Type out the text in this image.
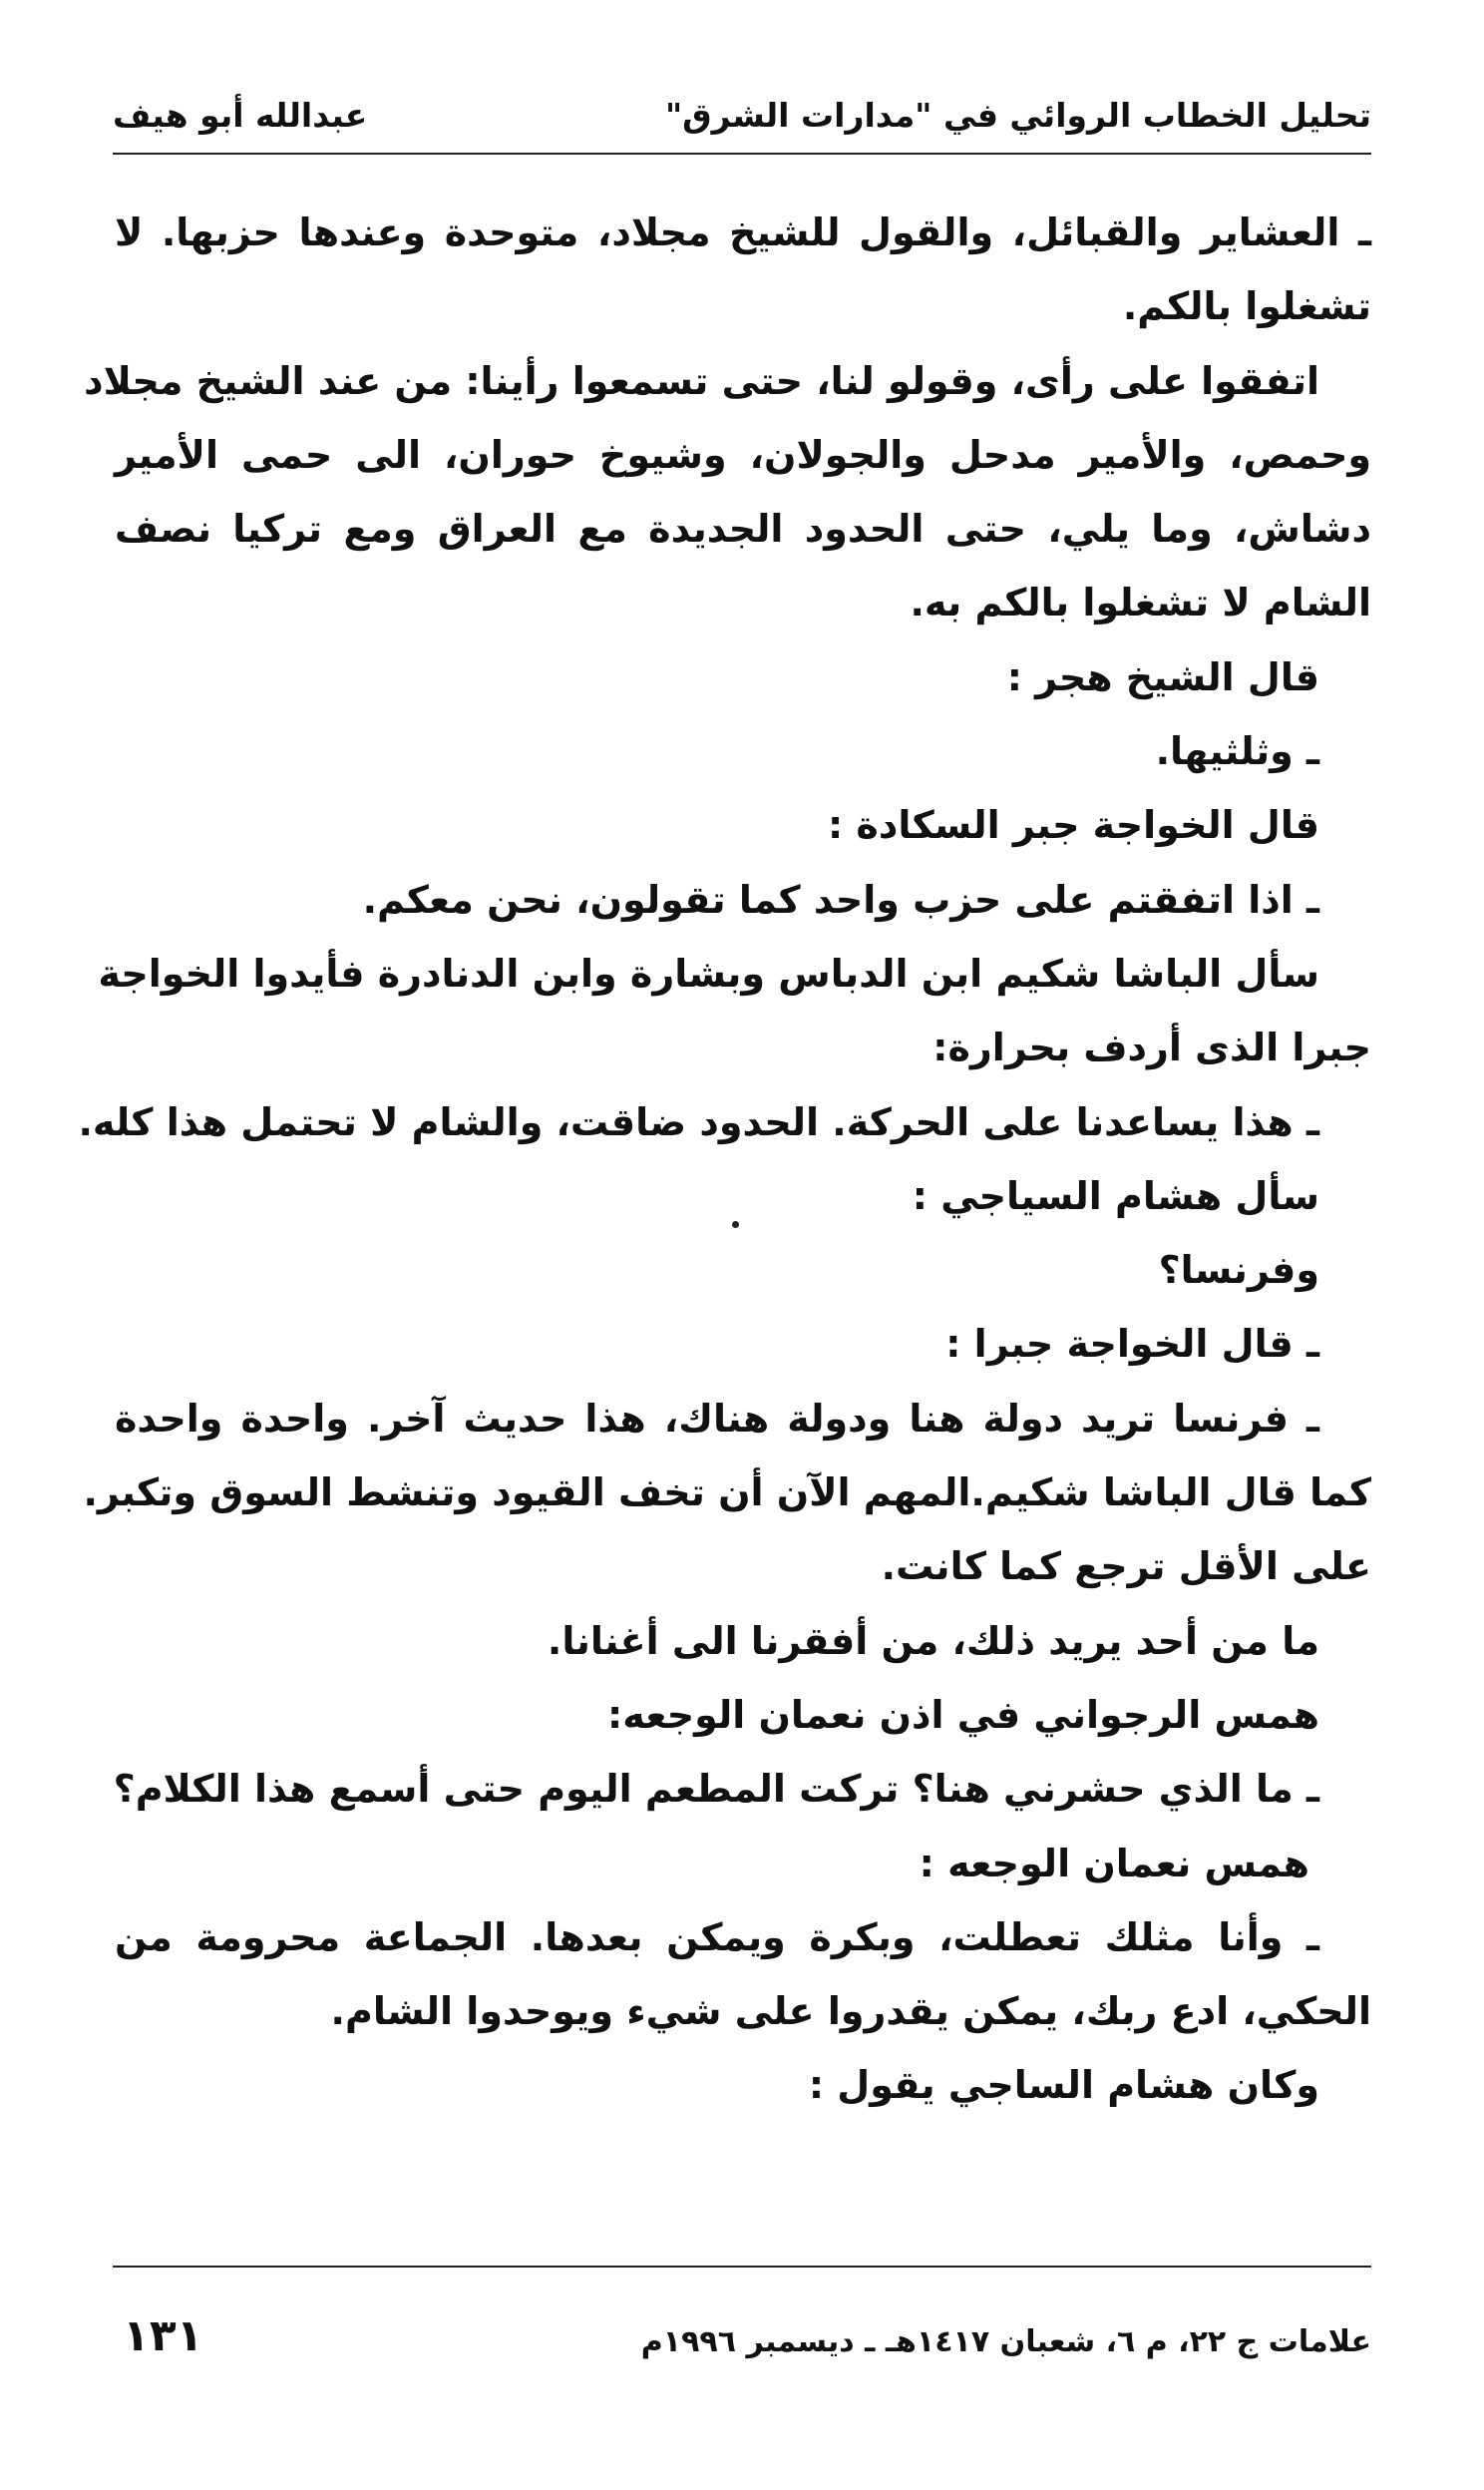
تحليل الخطاب الروائي في "مدارات الشرق"
عبدالله أبو هيف
ـ العشاير والقبائل، والقول للشيخ مجلاد، متوحدة وعندها حزبها. لا
تشغلوا بالكم.
اتفقوا على رأى، وقولو لنا، حتى تسمعوا رأينا: من عند الشيخ مجلاد
وحمص، والأمير مدحل والجولان، وشيوخ حوران، الى حمى الأمير
دشاش، وما يلي، حتى الحدود الجديدة مع العراق ومع تركيا نصف
الشام لا تشغلوا بالكم به.
قال الشيخ هجر :
ـ وثلثيها.
قال الخواجة جبر السكادة :
ـ اذا اتفقتم على حزب واحد كما تقولون، نحن معكم.
سأل الباشا شكيم ابن الدباس وبشارة وابن الدنادرة فأيدوا الخواجة
جبرا الذى أردف بحرارة:
ـ هذا يساعدنا على الحركة. الحدود ضاقت، والشام لا تحتمل هذا كله.
سأل هشام السياجي :
وفرنسا؟
ـ قال الخواجة جبرا :
ـ فرنسا تريد دولة هنا ودولة هناك، هذا حديث آخر. واحدة واحدة
كما قال الباشا شكيم.المهم الآن أن تخف القيود وتنشط السوق وتكبر.
على الأقل ترجع كما كانت.
ما من أحد يريد ذلك، من أفقرنا الى أغنانا.
همس الرجواني في اذن نعمان الوجعه:
ـ ما الذي حشرني هنا؟ تركت المطعم اليوم حتى أسمع هذا الكلام؟
همس نعمان الوجعه :
ـ وأنا مثلك تعطلت، وبكرة ويمكن بعدها. الجماعة محرومة من
الحكي، ادع ربك، يمكن يقدروا على شيء ويوحدوا الشام.
وكان هشام الساجي يقول :
علامات ج ٢٢، م ٦، شعبان ١٤١٧هـ ـ ديسمبر ١٩٩٦م
١٣١
